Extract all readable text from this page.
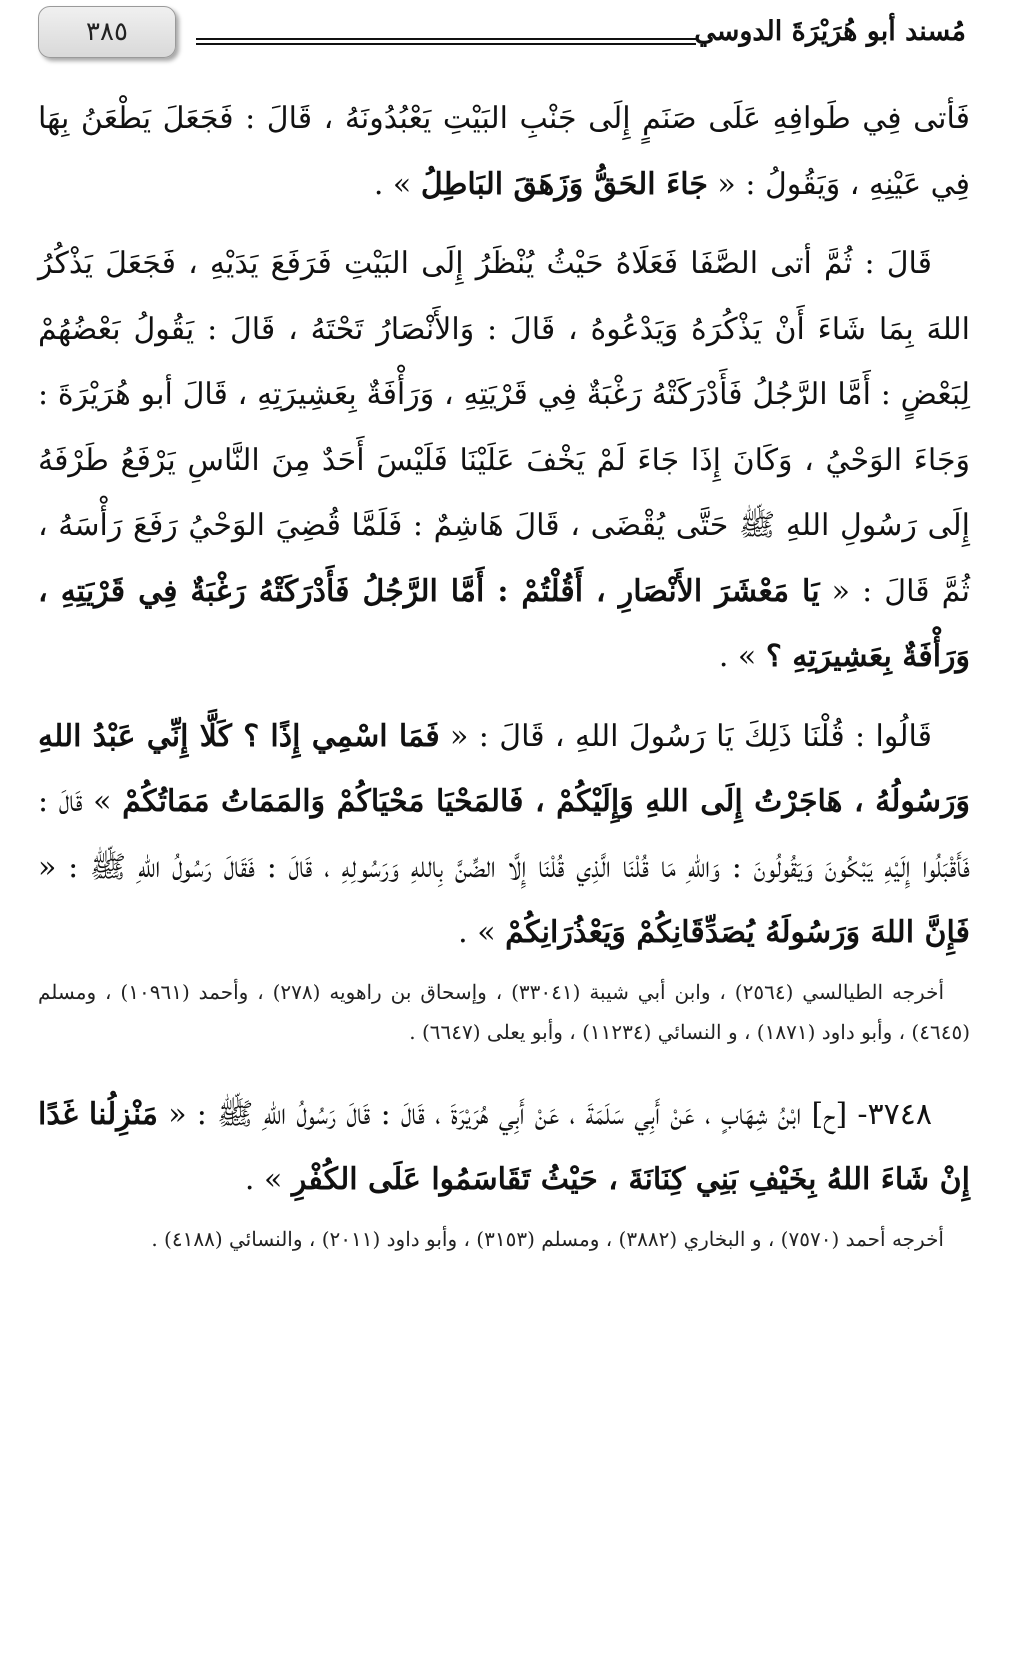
٣٨٥	مُسند أبو هُرَيْرَةَ الدوسي

فَأتى فِي طَوافِهِ عَلَى صَنَمٍ إِلَى جَنْبِ البَيْتِ يَعْبُدُونَهُ ، قَالَ : فَجَعَلَ يَطْعَنُ بِهَا فِي عَيْنِهِ ، وَيَقُولُ : « جَاءَ الحَقُّ وَزَهَقَ البَاطِلُ » .

قَالَ : ثُمَّ أتى الصَّفَا فَعَلَاهُ حَيْثُ يُنْظَرُ إِلَى البَيْتِ فَرَفَعَ يَدَيْهِ ، فَجَعَلَ يَذْكُرُ اللهَ بِمَا شَاءَ أَنْ يَذْكُرَهُ وَيَدْعُوهُ ، قَالَ : وَالأَنْصَارُ تَحْتَهُ ، قَالَ : يَقُولُ بَعْضُهُمْ لِبَعْضٍ : أَمَّا الرَّجُلُ فَأَدْرَكَتْهُ رَغْبَةٌ فِي قَرْيَتِهِ ، وَرَأْفَةٌ بِعَشِيرَتِهِ ، قَالَ أبو هُرَيْرَةَ : وَجَاءَ الوَحْيُ ، وَكَانَ إِذَا جَاءَ لَمْ يَخْفَ عَلَيْنَا فَلَيْسَ أَحَدٌ مِنَ النَّاسِ يَرْفَعُ طَرْفَهُ إِلَى رَسُولِ اللهِ ﷺ حَتَّى يُقْضَى ، قَالَ هَاشِمٌ : فَلَمَّا قُضِيَ الوَحْيُ رَفَعَ رَأْسَهُ ، ثُمَّ قَالَ : « يَا مَعْشَرَ الأَنْصَارِ ، أَقُلْتُمْ : أَمَّا الرَّجُلُ فَأَدْرَكَتْهُ رَغْبَةٌ فِي قَرْيَتِهِ ، وَرَأْفَةٌ بِعَشِيرَتِهِ ؟ » .

قَالُوا : قُلْنَا ذَلِكَ يَا رَسُولَ اللهِ ، قَالَ : « فَمَا اسْمِي إِذًا ؟ كَلَّا إِنِّي عَبْدُ اللهِ وَرَسُولُهُ ، هَاجَرْتُ إِلَى اللهِ وَإِلَيْكُمْ ، فَالمَحْيَا مَحْيَاكُمْ وَالمَمَاتُ مَمَاتُكُمْ » قَالَ : فَأَقْبَلُوا إِلَيْهِ يَبْكُونَ وَيَقُولُونَ : وَاللهِ مَا قُلْنَا الَّذِي قُلْنَا إِلَّا الضِّنَّ بِاللهِ وَرَسُولِهِ ، قَالَ : فَقَالَ رَسُولُ اللهِ ﷺ : « فَإِنَّ اللهَ وَرَسُولَهُ يُصَدِّقَانِكُمْ وَيَعْذُرَانِكُمْ » .

أخرجه الطيالسي (٢٥٦٤) ، وابن أبي شيبة (٣٣٠٤١) ، وإسحاق بن راهويه (٢٧٨) ، وأحمد (١٠٩٦١) ، ومسلم (٤٦٤٥) ، وأبو داود (١٨٧١) ، و النسائي (١١٢٣٤) ، وأبو يعلى (٦٦٤٧) .

٣٧٤٨- [ح] ابْنُ شِهَابٍ ، عَنْ أَبِي سَلَمَةَ ، عَنْ أَبِي هُرَيْرَةَ ، قَالَ : قَالَ رَسُولُ اللهِ ﷺ : « مَنْزِلُنا غَدًا إِنْ شَاءَ اللهُ بِخَيْفِ بَنِي كِنَانَةَ ، حَيْثُ تَقَاسَمُوا عَلَى الكُفْرِ » .

أخرجه أحمد (٧٥٧٠) ، و البخاري (٣٨٨٢) ، ومسلم (٣١٥٣) ، وأبو داود (٢٠١١) ، والنسائي (٤١٨٨) .
